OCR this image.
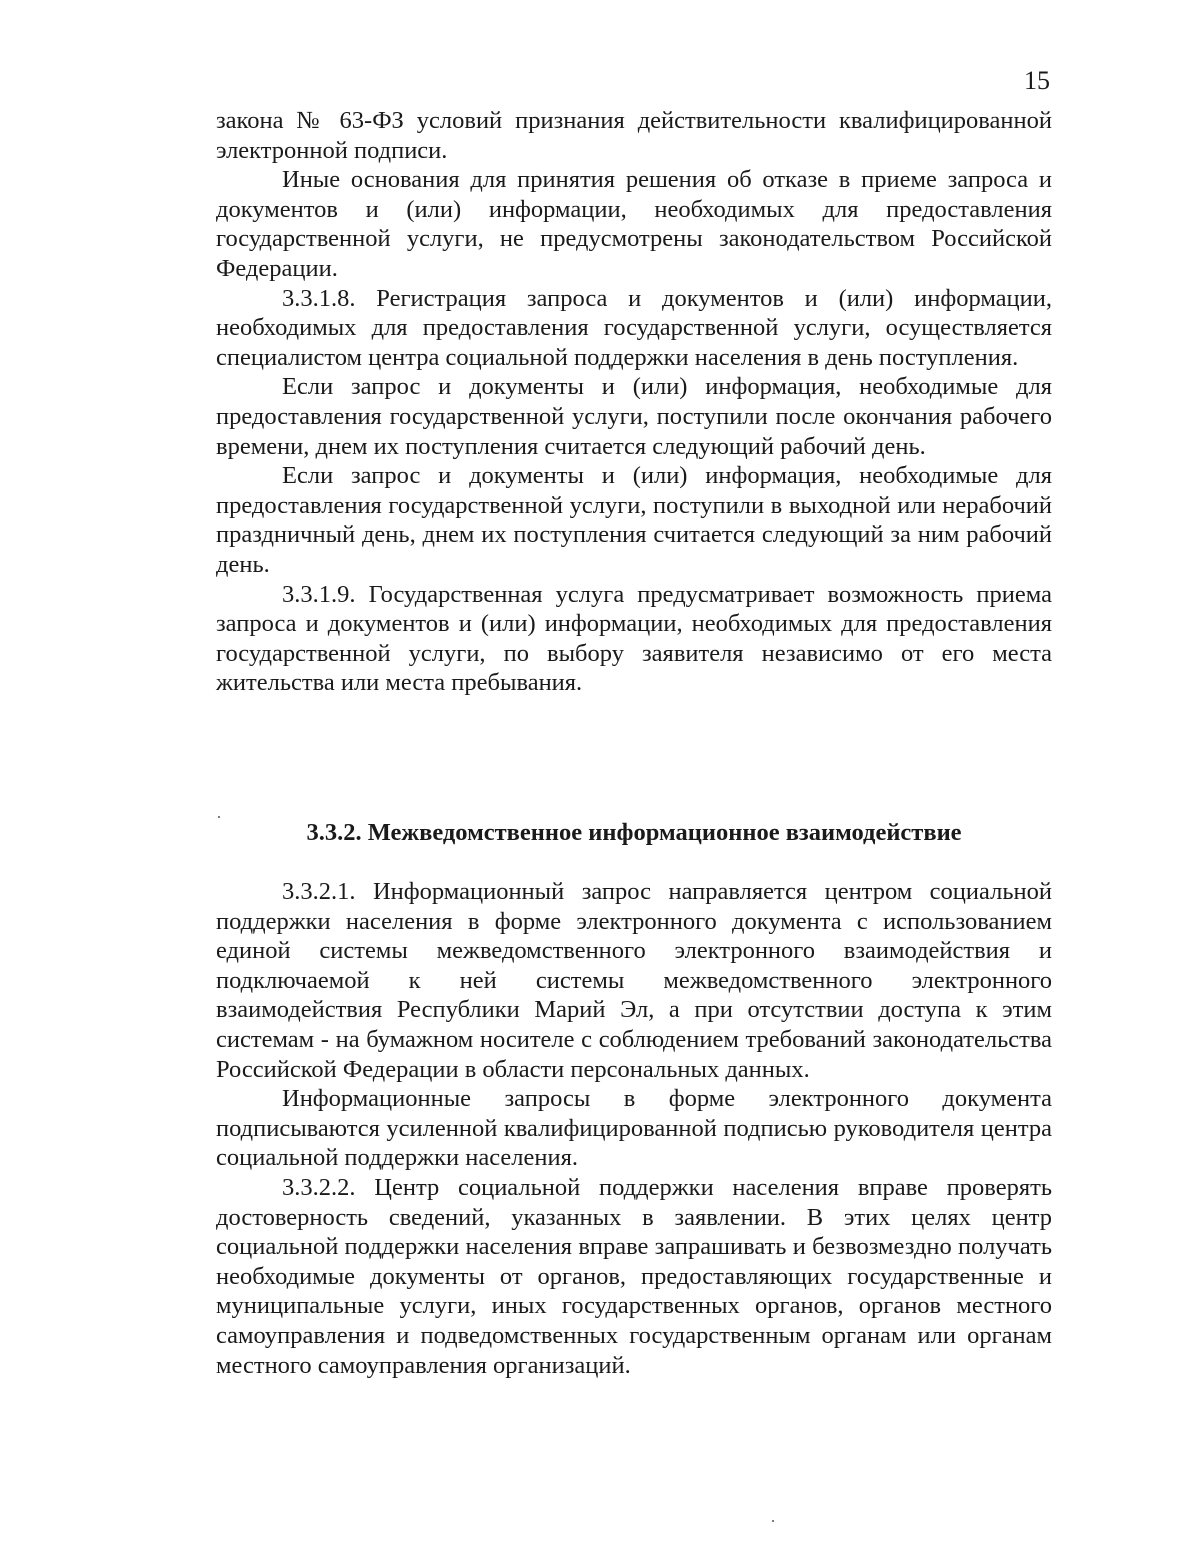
15

закона № 63-ФЗ условий признания действительности квалифицированной электронной подписи.

Иные основания для принятия решения об отказе в приеме запроса и документов и (или) информации, необходимых для предоставления государственной услуги, не предусмотрены законодательством Российской Федерации.

3.3.1.8. Регистрация запроса и документов и (или) информации, необходимых для предоставления государственной услуги, осуществляется специалистом центра социальной поддержки населения в день поступления.

Если запрос и документы и (или) информация, необходимые для предоставления государственной услуги, поступили после окончания рабочего времени, днем их поступления считается следующий рабочий день.

Если запрос и документы и (или) информация, необходимые для предоставления государственной услуги, поступили в выходной или нерабочий праздничный день, днем их поступления считается следующий за ним рабочий день.

3.3.1.9. Государственная услуга предусматривает возможность приема запроса и документов и (или) информации, необходимых для предоставления государственной услуги, по выбору заявителя независимо от его места жительства или места пребывания.

3.3.2. Межведомственное информационное взаимодействие

3.3.2.1. Информационный запрос направляется центром социальной поддержки населения в форме электронного документа с использованием единой системы межведомственного электронного взаимодействия и подключаемой к ней системы межведомственного электронного взаимодействия Республики Марий Эл, а при отсутствии доступа к этим системам - на бумажном носителе с соблюдением требований законодательства Российской Федерации в области персональных данных.

Информационные запросы в форме электронного документа подписываются усиленной квалифицированной подписью руководителя центра социальной поддержки населения.

3.3.2.2. Центр социальной поддержки населения вправе проверять достоверность сведений, указанных в заявлении. В этих целях центр социальной поддержки населения вправе запрашивать и безвозмездно получать необходимые документы от органов, предоставляющих государственные и муниципальные услуги, иных государственных органов, органов местного самоуправления и подведомственных государственным органам или органам местного самоуправления организаций.
